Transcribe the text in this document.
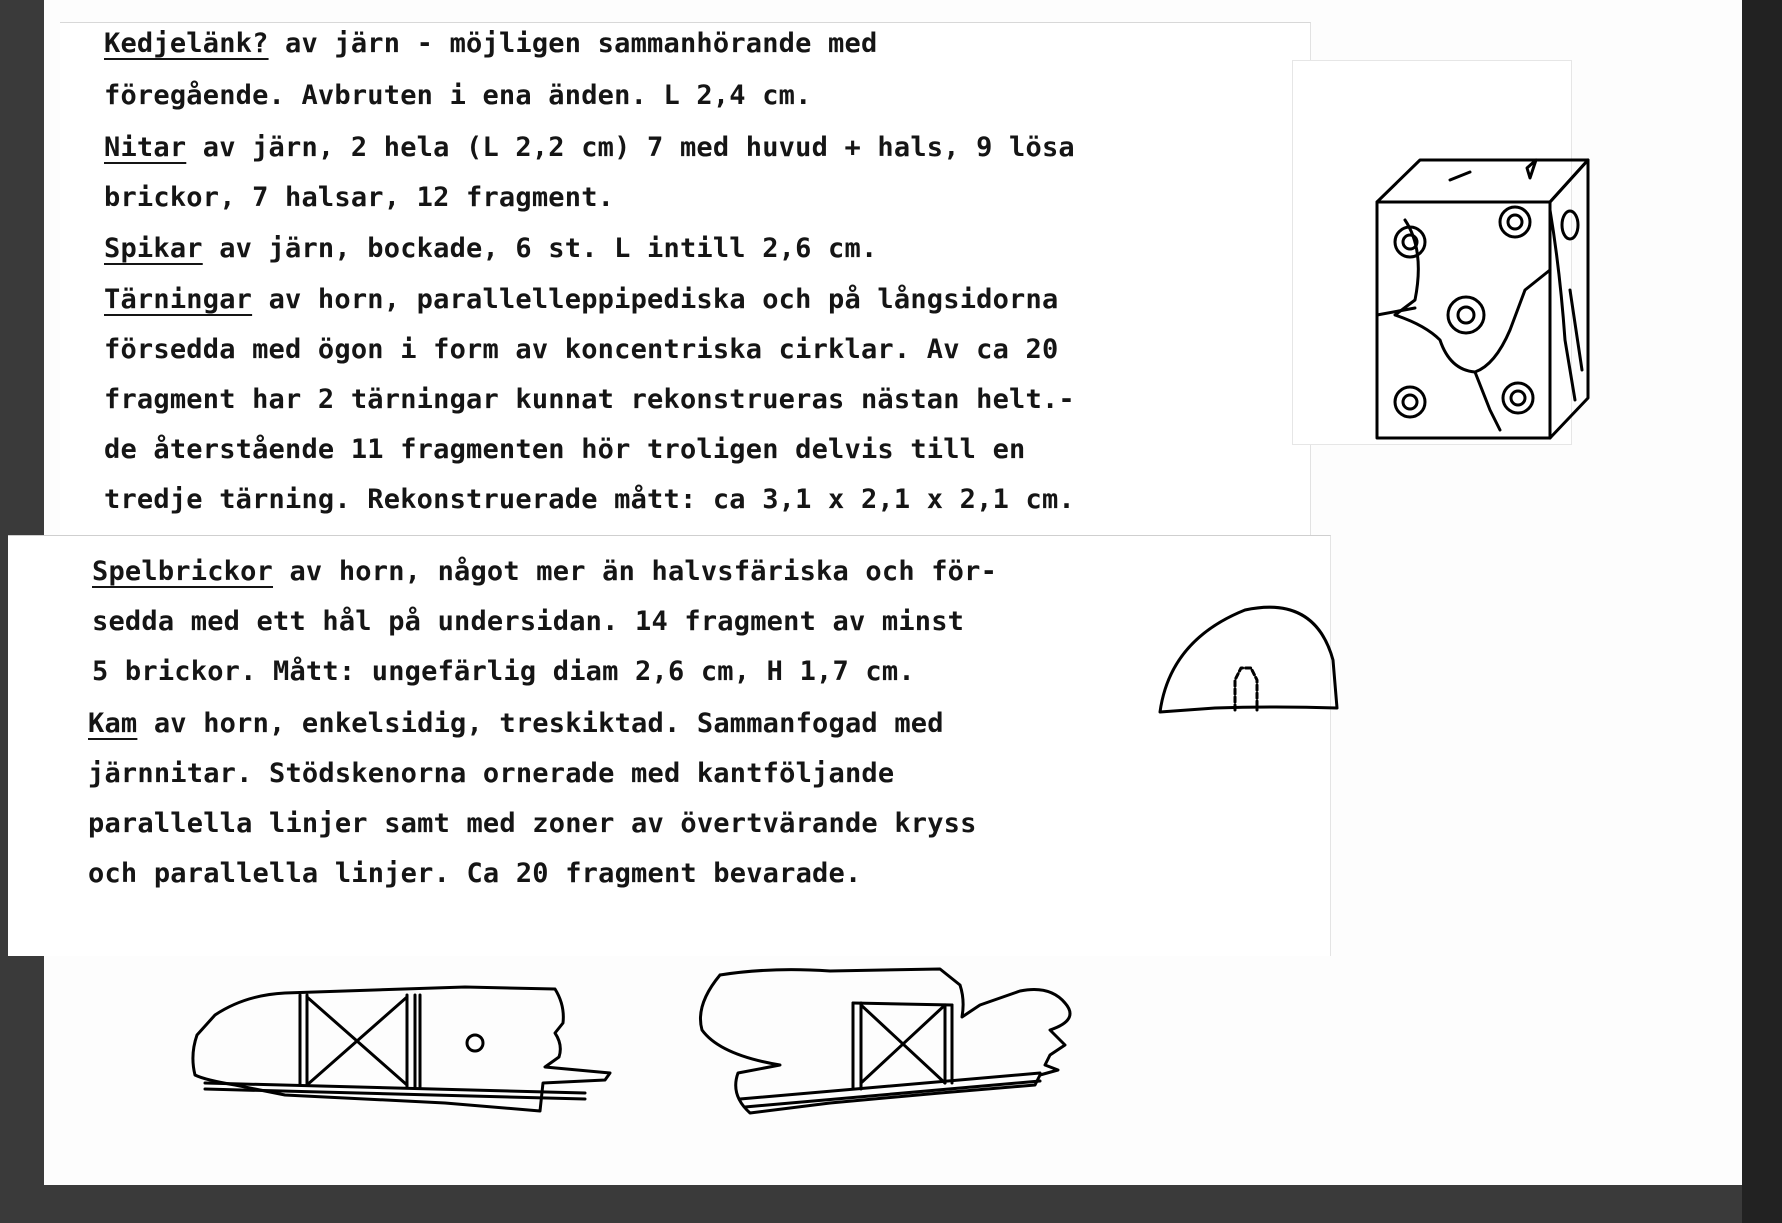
Kedjelänk? av järn - möjligen sammanhörande med
föregående. Avbruten i ena änden. L 2,4 cm.
Nitar av järn, 2 hela (L 2,2 cm) 7 med huvud + hals, 9 lösa
brickor, 7 halsar, 12 fragment.
Spikar av järn, bockade, 6 st. L intill 2,6 cm.
Tärningar av horn, parallelleppipediska och på långsidorna
försedda med ögon i form av koncentriska cirklar. Av ca 20
fragment har 2 tärningar kunnat rekonstrueras nästan helt.-
de återstående 11 fragmenten hör troligen delvis till en
tredje tärning. Rekonstruerade mått: ca 3,1 x 2,1 x 2,1 cm.
Spelbrickor av horn, något mer än halvsfäriska och för-
sedda med ett hål på undersidan. 14 fragment av minst
5 brickor. Mått: ungefärlig diam 2,6 cm, H 1,7 cm.
Kam av horn, enkelsidig, treskiktad. Sammanfogad med
järnnitar. Stödskenorna ornerade med kantföljande
parallella linjer samt med zoner av övertvärande kryss
och parallella linjer. Ca 20 fragment bevarade.
